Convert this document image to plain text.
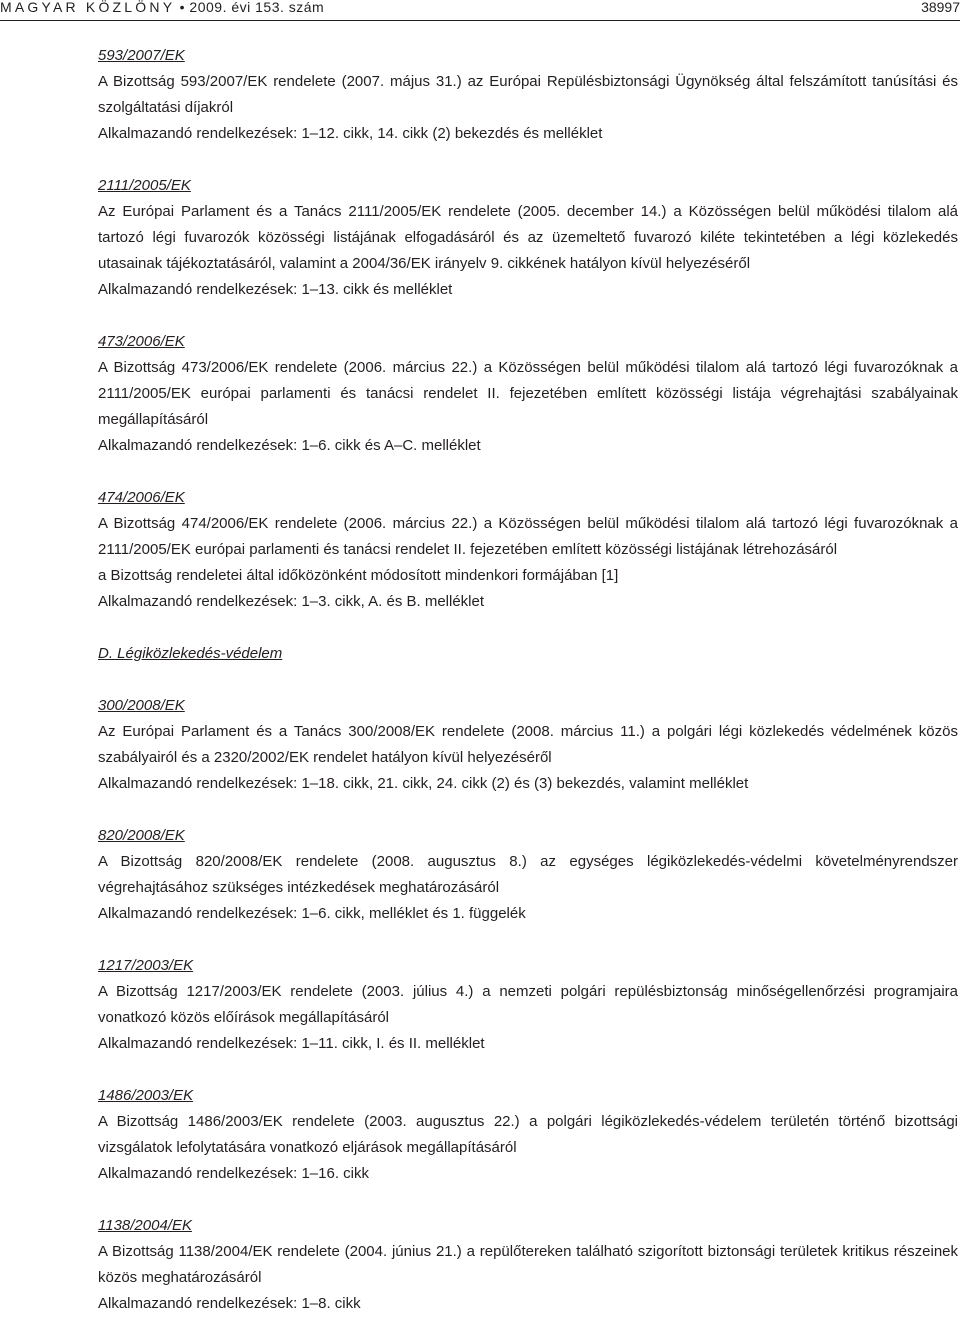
MAGYAR KÖZLÖNY • 2009. évi 153. szám	38997

593/2007/EK

A Bizottság 593/2007/EK rendelete (2007. május 31.) az Európai Repülésbiztonsági Ügynökség által felszámított tanúsítási és szolgáltatási díjakról

Alkalmazandó rendelkezések: 1–12. cikk, 14. cikk (2) bekezdés és melléklet

2111/2005/EK

Az Európai Parlament és a Tanács 2111/2005/EK rendelete (2005. december 14.) a Közösségen belül működési tilalom alá tartozó légi fuvarozók közösségi listájának elfogadásáról és az üzemeltető fuvarozó kiléte tekintetében a légi közlekedés utasainak tájékoztatásáról, valamint a 2004/36/EK irányelv 9. cikkének hatályon kívül helyezéséről

Alkalmazandó rendelkezések: 1–13. cikk és melléklet

473/2006/EK

A Bizottság 473/2006/EK rendelete (2006. március 22.) a Közösségen belül működési tilalom alá tartozó légi fuvarozóknak a 2111/2005/EK európai parlamenti és tanácsi rendelet II. fejezetében említett közösségi listája végrehajtási szabályainak megállapításáról

Alkalmazandó rendelkezések: 1–6. cikk és A–C. melléklet

474/2006/EK

A Bizottság 474/2006/EK rendelete (2006. március 22.) a Közösségen belül működési tilalom alá tartozó légi fuvarozóknak a 2111/2005/EK európai parlamenti és tanácsi rendelet II. fejezetében említett közösségi listájának létrehozásáról

a Bizottság rendeletei által időközönként módosított mindenkori formájában [1]

Alkalmazandó rendelkezések: 1–3. cikk, A. és B. melléklet

D. Légiközlekedés-védelem

300/2008/EK

Az Európai Parlament és a Tanács 300/2008/EK rendelete (2008. március 11.) a polgári légi közlekedés védelmének közös szabályairól és a 2320/2002/EK rendelet hatályon kívül helyezéséről

Alkalmazandó rendelkezések: 1–18. cikk, 21. cikk, 24. cikk (2) és (3) bekezdés, valamint melléklet

820/2008/EK

A Bizottság 820/2008/EK rendelete (2008. augusztus 8.) az egységes légiközlekedés-védelmi követelményrendszer végrehajtásához szükséges intézkedések meghatározásáról

Alkalmazandó rendelkezések: 1–6. cikk, melléklet és 1. függelék

1217/2003/EK

A Bizottság 1217/2003/EK rendelete (2003. július 4.) a nemzeti polgári repülésbiztonság minőségellenőrzési programjaira vonatkozó közös előírások megállapításáról

Alkalmazandó rendelkezések: 1–11. cikk, I. és II. melléklet

1486/2003/EK

A Bizottság 1486/2003/EK rendelete (2003. augusztus 22.) a polgári légiközlekedés-védelem területén történő bizottsági vizsgálatok lefolytatására vonatkozó eljárások megállapításáról

Alkalmazandó rendelkezések: 1–16. cikk

1138/2004/EK

A Bizottság 1138/2004/EK rendelete (2004. június 21.) a repülőtereken található szigorított biztonsági területek kritikus részeinek közös meghatározásáról

Alkalmazandó rendelkezések: 1–8. cikk
